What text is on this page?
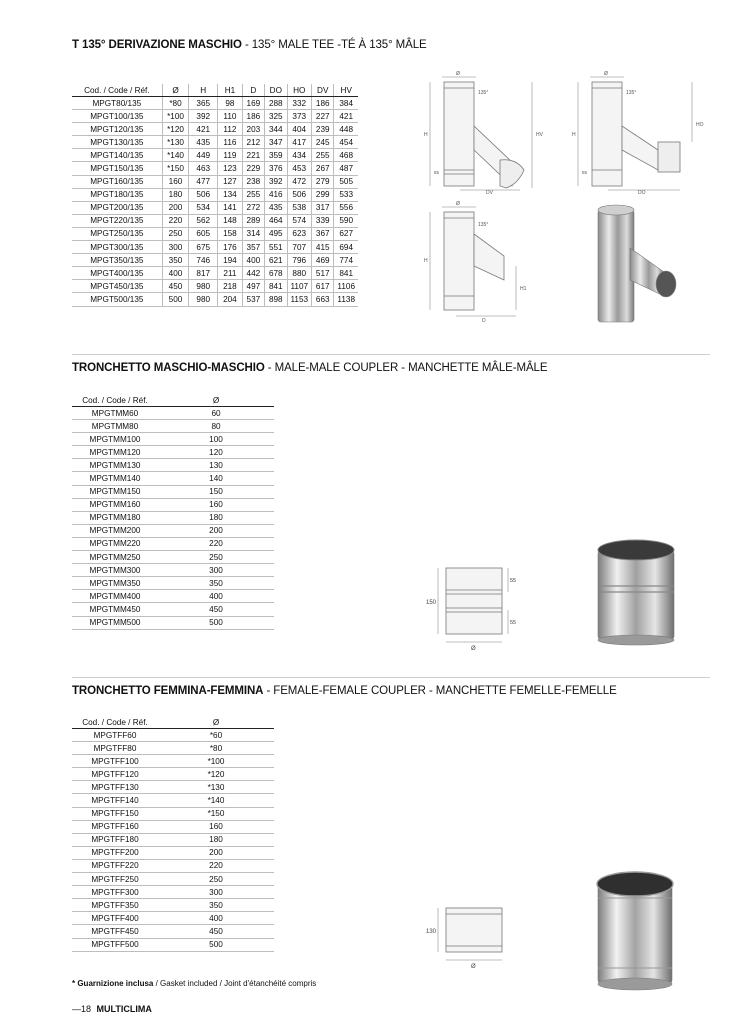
T 135° DERIVAZIONE MASCHIO - 135° MALE TEE -TÉ À 135° MÂLE
Cod. / Code / Réf.	Ø	H	H1	D	DO	HO	DV	HV
MPGT80/135	*80	365	98	169	288	332	186	384
MPGT100/135	*100	392	110	186	325	373	227	421
MPGT120/135	*120	421	112	203	344	404	239	448
MPGT130/135	*130	435	116	212	347	417	245	454
MPGT140/135	*140	449	119	221	359	434	255	468
MPGT150/135	*150	463	123	229	376	453	267	487
MPGT160/135	160	477	127	238	392	472	279	505
MPGT180/135	180	506	134	255	416	506	299	533
MPGT200/135	200	534	141	272	435	538	317	556
MPGT220/135	220	562	148	289	464	574	339	590
MPGT250/135	250	605	158	314	495	623	367	627
MPGT300/135	300	675	176	357	551	707	415	694
MPGT350/135	350	746	194	400	621	796	469	774
MPGT400/135	400	817	211	442	678	880	517	841
MPGT450/135	450	980	218	497	841	1107	617	1106
MPGT500/135	500	980	204	537	898	1153	663	1138
Ø
135°
H	HV
DV
55
Ø
135°
H
HO
DO
55
Ø
135°
H
H1
D
TRONCHETTO MASCHIO-MASCHIO - MALE-MALE COUPLER - MANCHETTE MÂLE-MÂLE
Cod. / Code / Réf.	Ø
MPGTMM60	60
MPGTMM80	80
MPGTMM100	100
MPGTMM120	120
MPGTMM130	130
MPGTMM140	140
MPGTMM150	150
MPGTMM160	160
MPGTMM180	180
MPGTMM200	200
MPGTMM220	220
MPGTMM250	250
MPGTMM300	300
MPGTMM350	350
MPGTMM400	400
MPGTMM450	450
MPGTMM500	500
150
55
55
Ø
TRONCHETTO FEMMINA-FEMMINA - FEMALE-FEMALE COUPLER - MANCHETTE FEMELLE-FEMELLE
Cod. / Code / Réf.	Ø
MPGTFF60	*60
MPGTFF80	*80
MPGTFF100	*100
MPGTFF120	*120
MPGTFF130	*130
MPGTFF140	*140
MPGTFF150	*150
MPGTFF160	160
MPGTFF180	180
MPGTFF200	200
MPGTFF220	220
MPGTFF250	250
MPGTFF300	300
MPGTFF350	350
MPGTFF400	400
MPGTFF450	450
MPGTFF500	500
130
Ø
* Guarnizione inclusa / Gasket included / Joint d'étanchéité compris
—18 MULTICLIMA
